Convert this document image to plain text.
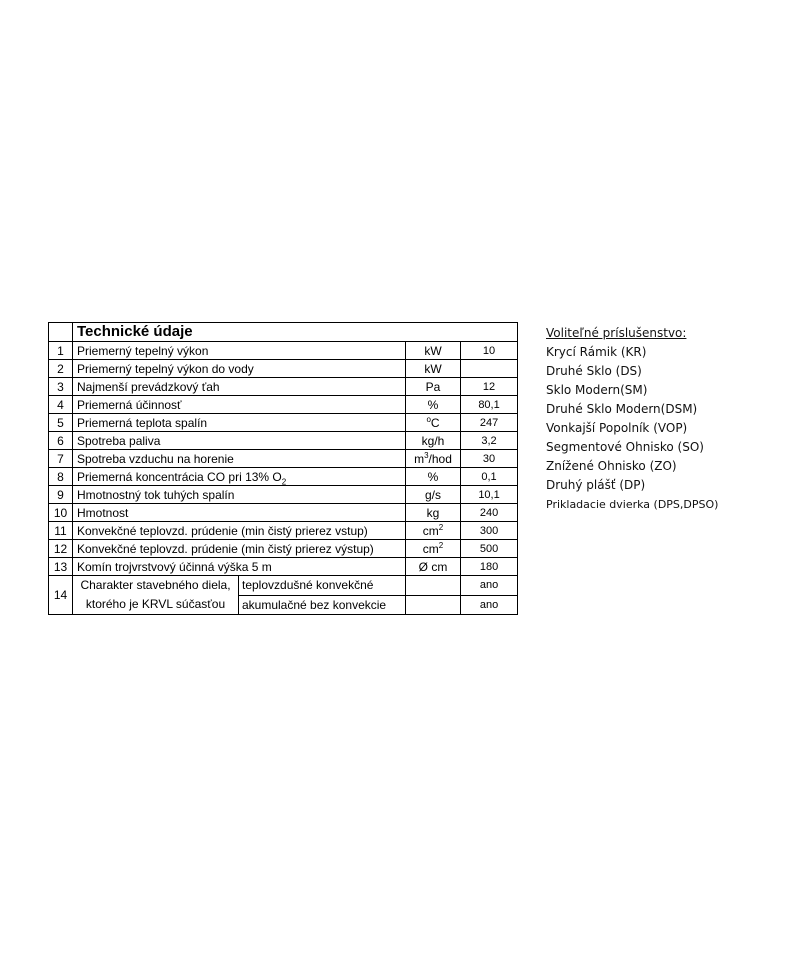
	Technické údaje			
1	Priemerný tepelný výkon		kW	10
2	Priemerný tepelný výkon do vody		kW	
3	Najmenší prevádzkový ťah		Pa	12
4	Priemerná účinnosť		%	80,1
5	Priemerná teplota spalín		$^o$C	247
6	Spotreba paliva		kg/h	3,2
7	Spotreba vzduchu na horenie		$m^3$/hod	30
8	Priemerná koncentrácia CO pri 13% $O_2$		%	0,1
9	Hmotnostný tok tuhých spalín		g/s	10,1
10	Hmotnost		kg	240
11	Konvekčné teplovzd. prúdenie (min čistý prierez vstup)		$cm^2$	300
12	Konvekčné teplovzd. prúdenie (min čistý prierez výstup)		$cm^2$	500
13	Komín trojvrstvový účinná výška 5 m		Ø cm	180
14	Charakter stavebného diela,
ktorého je KRVL súčasťou	teplovzdušné konvekčné		ano
		akumulačné bez konvekcie		ano
Voliteľné príslušenstvo:
Krycí Rámik (KR)
Druhé Sklo (DS)
Sklo Modern(SM)
Druhé Sklo Modern(DSM)
Vonkajší Popolník (VOP)
Segmentové Ohnisko (SO)
Znížené Ohnisko (ZO)
Druhý plášť (DP)
Prikladacie dvierka (DPS,DPSO)
